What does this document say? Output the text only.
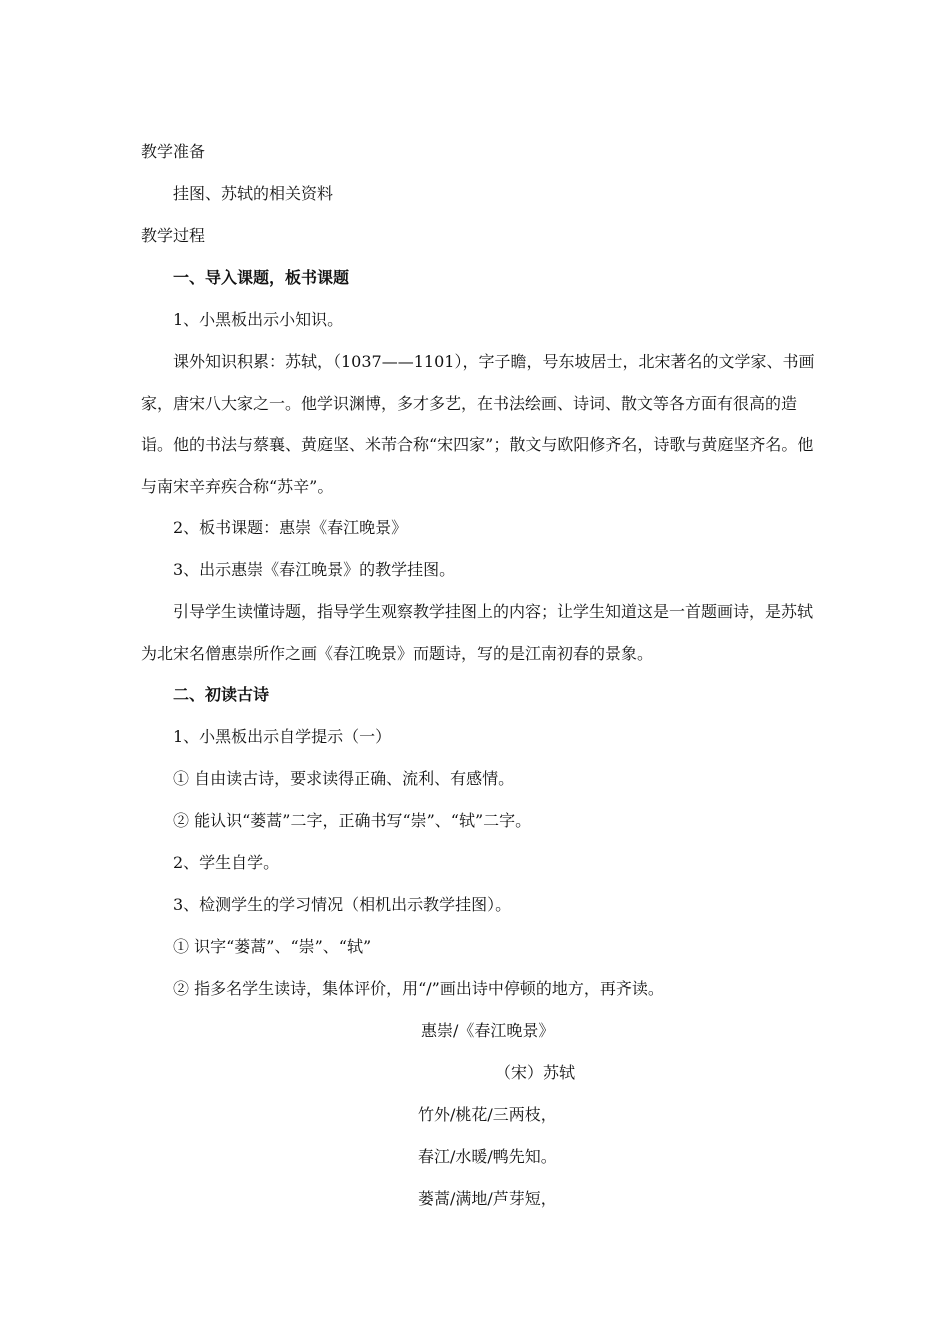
教学准备
挂图、苏轼的相关资料
教学过程
一、导入课题，板书课题
1、小黑板出示小知识。
课外知识积累：苏轼，（1037——1101），字子瞻，号东坡居士，北宋著名的文学家、书画家，唐宋八大家之一。他学识渊博，多才多艺，在书法绘画、诗词、散文等各方面有很高的造诣。他的书法与蔡襄、黄庭坚、米芾合称“宋四家”；散文与欧阳修齐名，诗歌与黄庭坚齐名。他与南宋辛弃疾合称“苏辛”。
2、板书课题：惠崇《春江晚景》
3、出示惠崇《春江晚景》的教学挂图。
引导学生读懂诗题，指导学生观察教学挂图上的内容；让学生知道这是一首题画诗，是苏轼为北宋名僧惠崇所作之画《春江晚景》而题诗，写的是江南初春的景象。
二、初读古诗
1、小黑板出示自学提示（一）
① 自由读古诗，要求读得正确、流利、有感情。
② 能认识“蒌蒿”二字，正确书写“崇”、“轼”二字。
2、学生自学。
3、检测学生的学习情况（相机出示教学挂图）。
① 识字“蒌蒿”、“崇”、“轼”
② 指多名学生读诗，集体评价，用“/”画出诗中停顿的地方，再齐读。
惠崇/《春江晚景》
（宋）苏轼
竹外/桃花/三两枝，
春江/水暖/鸭先知。
蒌蒿/满地/芦芽短，
